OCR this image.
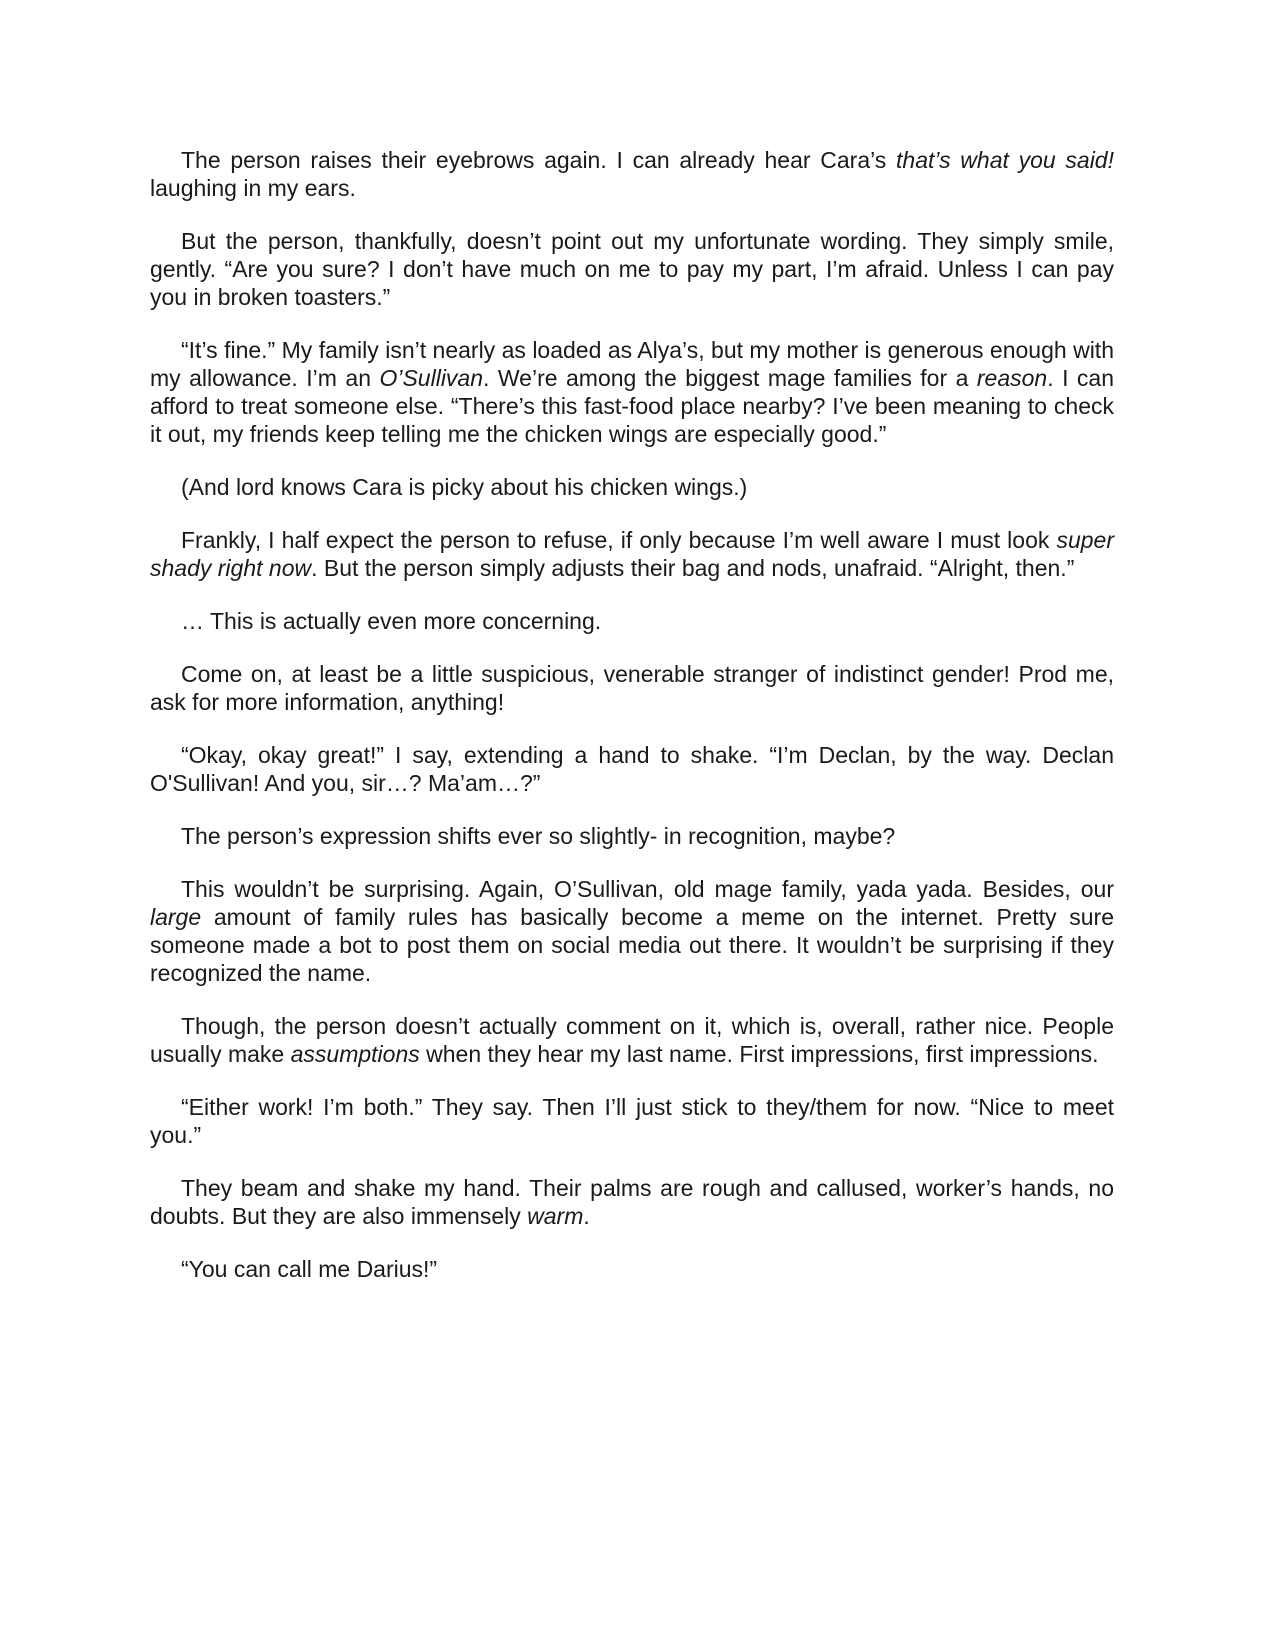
The person raises their eyebrows again. I can already hear Cara’s that’s what you said! laughing in my ears.

But the person, thankfully, doesn’t point out my unfortunate wording. They simply smile, gently. “Are you sure? I don’t have much on me to pay my part, I’m afraid. Unless I can pay you in broken toasters.”

“It’s fine.” My family isn’t nearly as loaded as Alya’s, but my mother is generous enough with my allowance. I’m an O’Sullivan. We’re among the biggest mage families for a reason. I can afford to treat someone else. “There’s this fast-food place nearby? I’ve been meaning to check it out, my friends keep telling me the chicken wings are especially good.”

(And lord knows Cara is picky about his chicken wings.)

Frankly, I half expect the person to refuse, if only because I’m well aware I must look super shady right now. But the person simply adjusts their bag and nods, unafraid. “Alright, then.”

… This is actually even more concerning.

Come on, at least be a little suspicious, venerable stranger of indistinct gender! Prod me, ask for more information, anything!

“Okay, okay great!” I say, extending a hand to shake. “I’m Declan, by the way. Declan O'Sullivan! And you, sir…? Ma’am…?”

The person’s expression shifts ever so slightly- in recognition, maybe?

This wouldn’t be surprising. Again, O’Sullivan, old mage family, yada yada. Besides, our large amount of family rules has basically become a meme on the internet. Pretty sure someone made a bot to post them on social media out there. It wouldn’t be surprising if they recognized the name.

Though, the person doesn’t actually comment on it, which is, overall, rather nice. People usually make assumptions when they hear my last name. First impressions, first impressions.

“Either work! I’m both.” They say. Then I’ll just stick to they/them for now. “Nice to meet you.”

They beam and shake my hand. Their palms are rough and callused, worker’s hands, no doubts. But they are also immensely warm.

“You can call me Darius!”
